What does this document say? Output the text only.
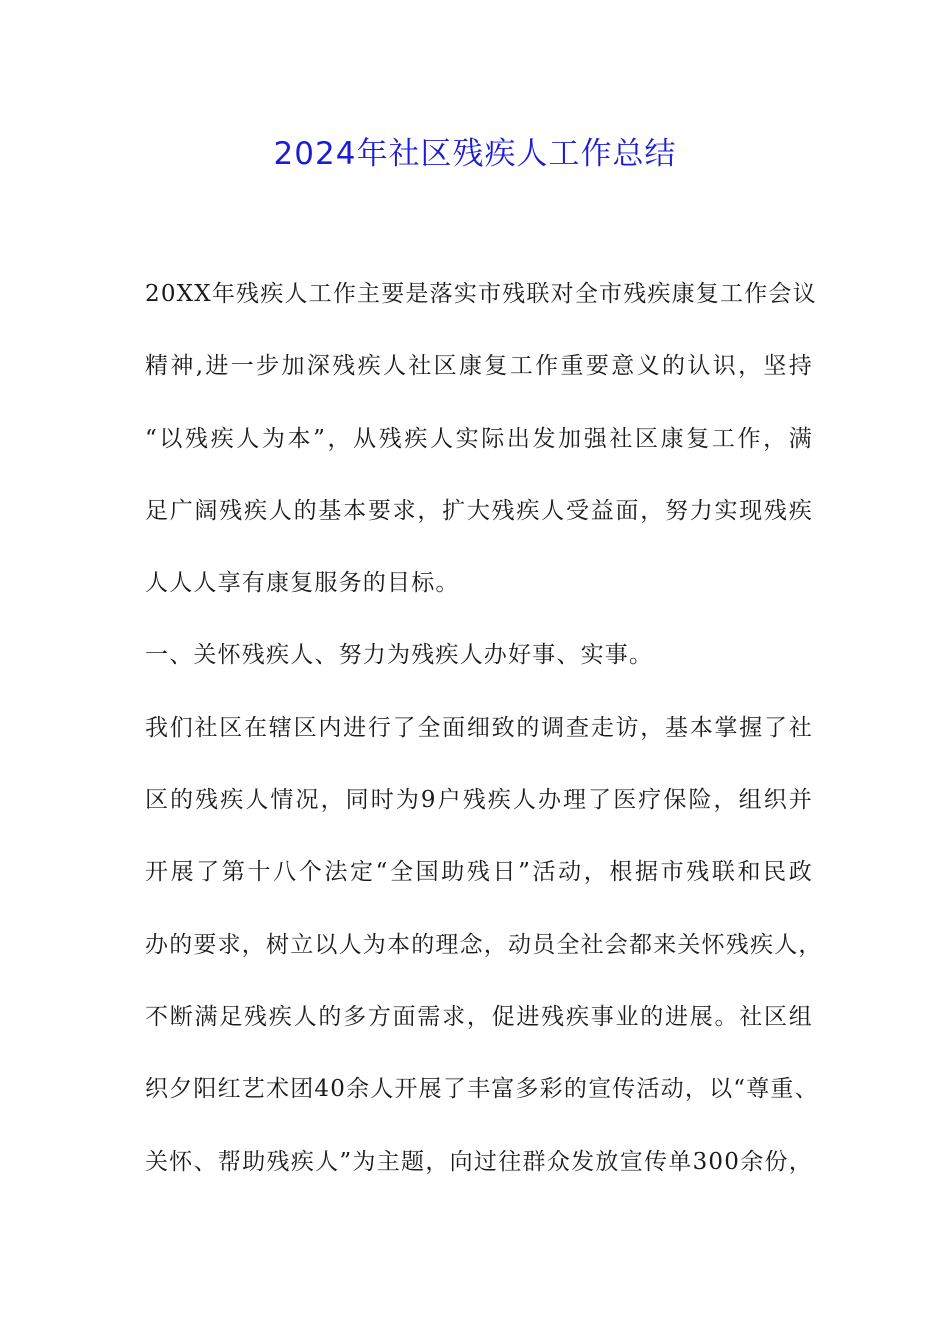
2024年社区残疾人工作总结
20XX年残疾人工作主要是落实市残联对全市残疾康复工作会议
精神,进一步加深残疾人社区康复工作重要意义的认识，坚持
“以残疾人为本”，从残疾人实际出发加强社区康复工作，满
足广阔残疾人的基本要求，扩大残疾人受益面，努力实现残疾
人人人享有康复服务的目标。
一、关怀残疾人、努力为残疾人办好事、实事。
我们社区在辖区内进行了全面细致的调查走访，基本掌握了社
区的残疾人情况，同时为9户残疾人办理了医疗保险，组织并
开展了第十八个法定“全国助残日”活动，根据市残联和民政
办的要求，树立以人为本的理念，动员全社会都来关怀残疾人，
不断满足残疾人的多方面需求，促进残疾事业的进展。社区组
织夕阳红艺术团40余人开展了丰富多彩的宣传活动，以“尊重、
关怀、帮助残疾人”为主题，向过往群众发放宣传单300余份，
